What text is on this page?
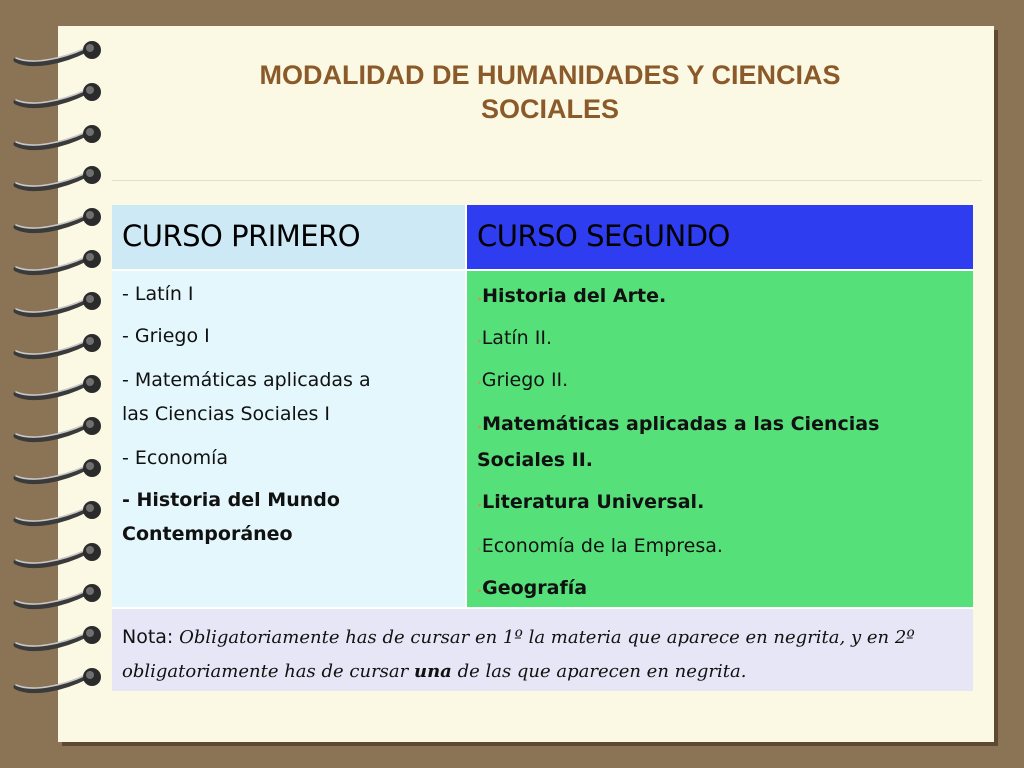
MODALIDAD DE HUMANIDADES Y CIENCIAS
SOCIALES
CURSO PRIMERO	CURSO SEGUNDO
- Latín I
- Griego I
- Matemáticas aplicadas a
las Ciencias Sociales I
- Economía
- Historia del Mundo
Contemporáneo
•Historia del Arte.
•Latín II.
•Griego II.
•Matemáticas aplicadas a las Ciencias
Sociales II.
•Literatura Universal.
•Economía de la Empresa.
•Geografía
Nota: Obligatoriamente has de cursar en 1º la materia que aparece en negrita, y en 2º obligatoriamente has de cursar una de las que aparecen en negrita.
